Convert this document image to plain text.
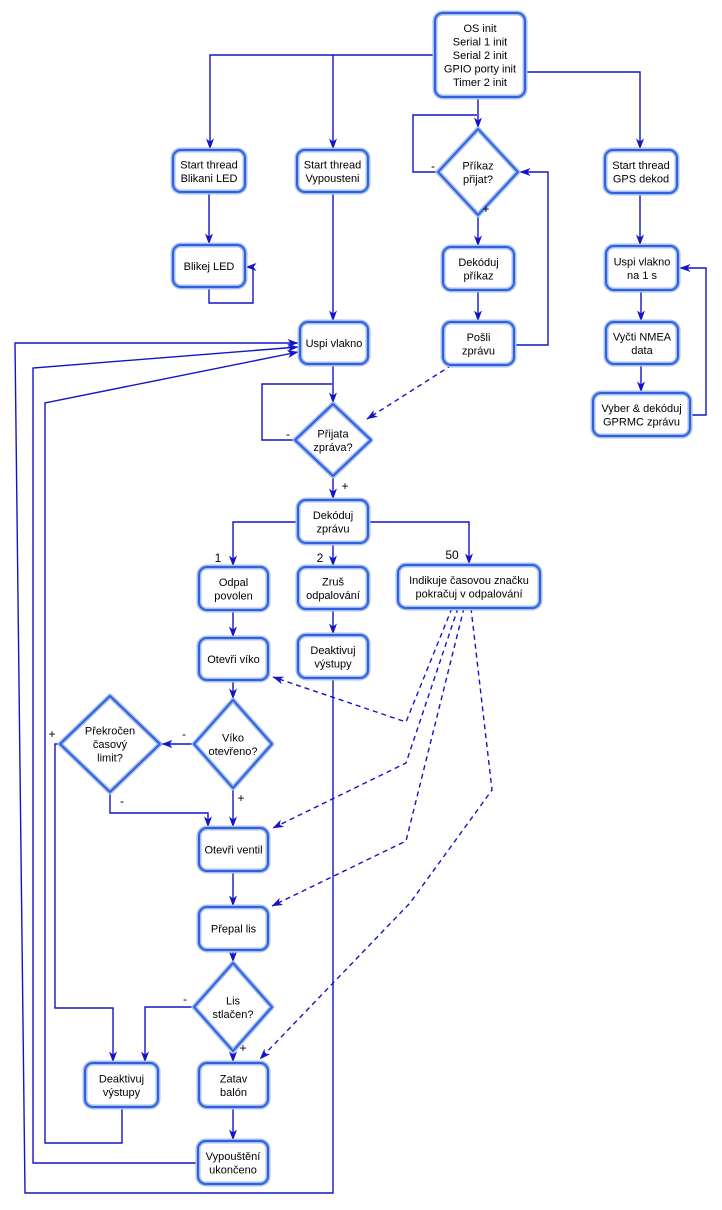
OS init Serial 1 init Serial 2 init GPIO porty init Timer 2 init
Start thread Blikani LED
Start thread Vypousteni
Příkaz přijat?
Start thread GPS dekod
Blikej LED	Dekóduj příkaz
Uspi vlakno na 1 s
Uspi vlakno
Pošli zprávu
Vyčti NMEA data
Vyber & dekóduj GPRMC zprávu
Přijata zpráva?
Dekóduj zprávu
Odpal povolen
Zruš odpalování
Indikuje časovou značku pokračuj v odpalování
Otevři víko
Deaktivuj výstupy
Překročen časový limit?
Víko otevřeno?
Otevři ventil
Přepal lis
Lis stlačen?
Deaktivuj výstupy
Zatav balón
Vypouštění ukončeno
-
+
-
+
1	2	50
-
+
+
-
-
+
